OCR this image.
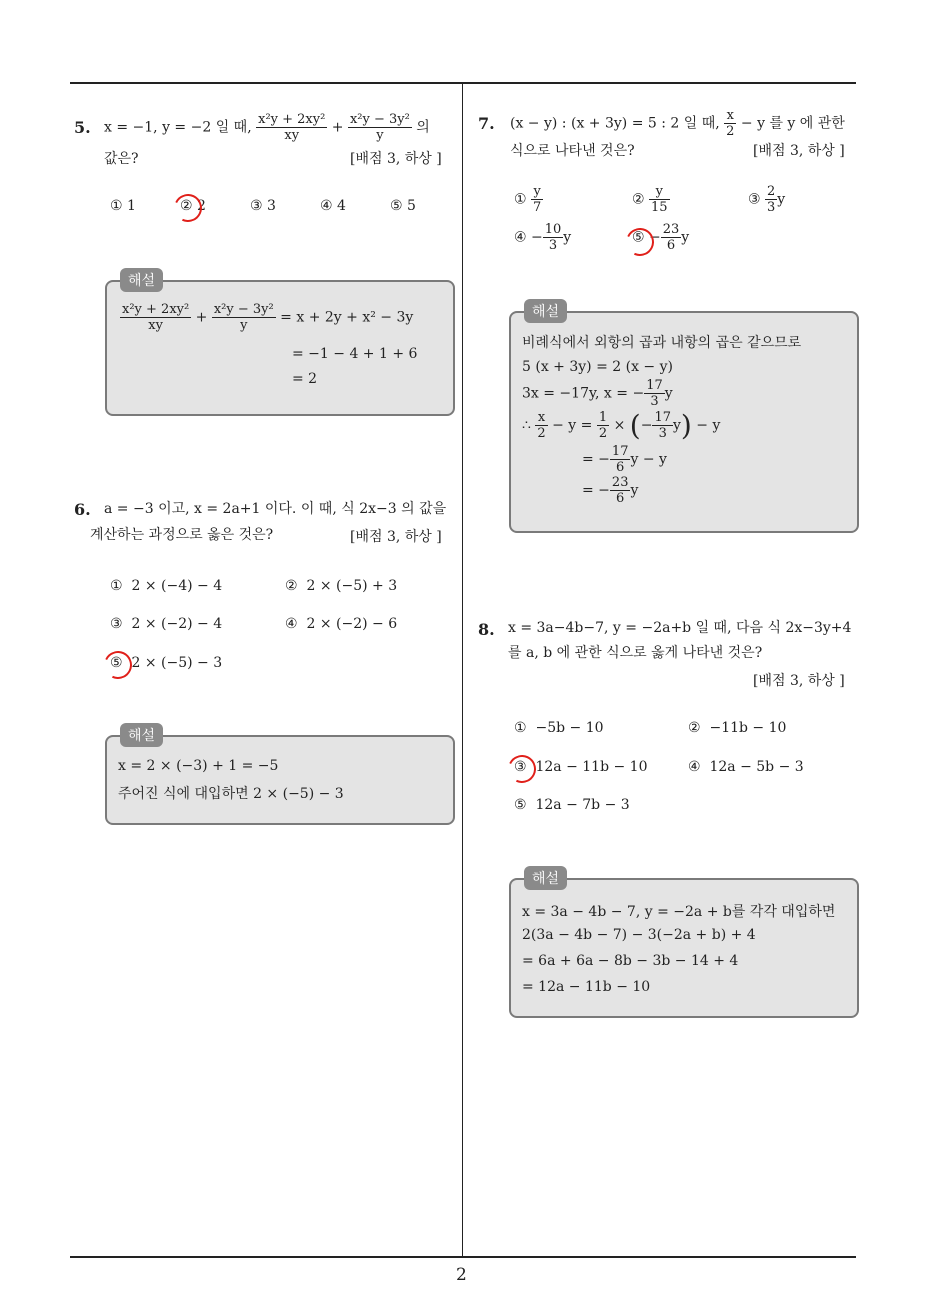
2
5. x = −1, y = −2 일 때, $\frac{\text{x²y + 2xy²}}{xy} + \frac{\text{x²y − 3y²}}{y}$ 의
값은?	[배점 3, 하상 ]
① 1	② 2	③ 3	④ 4	⑤ 5
해설
$\frac{\text{x²y + 2xy²}}{xy} + \frac{\text{x²y − 3y²}}{y} = x + 2y + x^2 - 3y$
= −1 − 4 + 1 + 6
= 2
6. a = −3 이고, x = 2a+1 이다. 이 때, 식 2x−3 의 값을
계산하는 과정으로 옳은 것은?	[배점 3, 하상 ]
① 2 × (−4) − 4	② 2 × (−5) + 3
③ 2 × (−2) − 4	④ 2 × (−2) − 6
⑤ 2 × (−5) − 3
해설
x = 2 × (−3) + 1 = −5
주어진 식에 대입하면 2 × (−5) − 3
7. (x − y) : (x + 3y) = 5 : 2 일 때, $\frac{x}{2} - y$ 를 y 에 관한
식으로 나타낸 것은?	[배점 3, 하상 ]
① $\frac{y}{7}$	② $\frac{y}{15}$	③ $\frac{2}{3}$ y
④ − $\frac{10}{3}$ y	⑤ − $\frac{23}{6}$ y
해설
비례식에서 외항의 곱과 내항의 곱은 같으므로
5 (x + 3y) = 2 (x − y)
3x = −17y, x = − $\frac{17}{3}$ y
∴ $\frac{x}{2} - y = \frac{1}{2}$ × (− $\frac{17}{3} y) - y$
= − $\frac{17}{6}$ y − y
= − $\frac{23}{6}$ y
8. x = 3a−4b−7, y = −2a+b 일 때, 다음 식 2x−3y+4
를 a, b 에 관한 식으로 옳게 나타낸 것은?
[배점 3, 하상 ]
① −5b − 10	② −11b − 10
③ 12a − 11b − 10	④ 12a − 5b − 3
⑤ 12a − 7b − 3
해설
x = 3a − 4b − 7, y = −2a + b를 각각 대입하면
2(3a − 4b − 7) − 3(−2a + b) + 4
= 6a + 6a − 8b − 3b − 14 + 4
= 12a − 11b − 10
